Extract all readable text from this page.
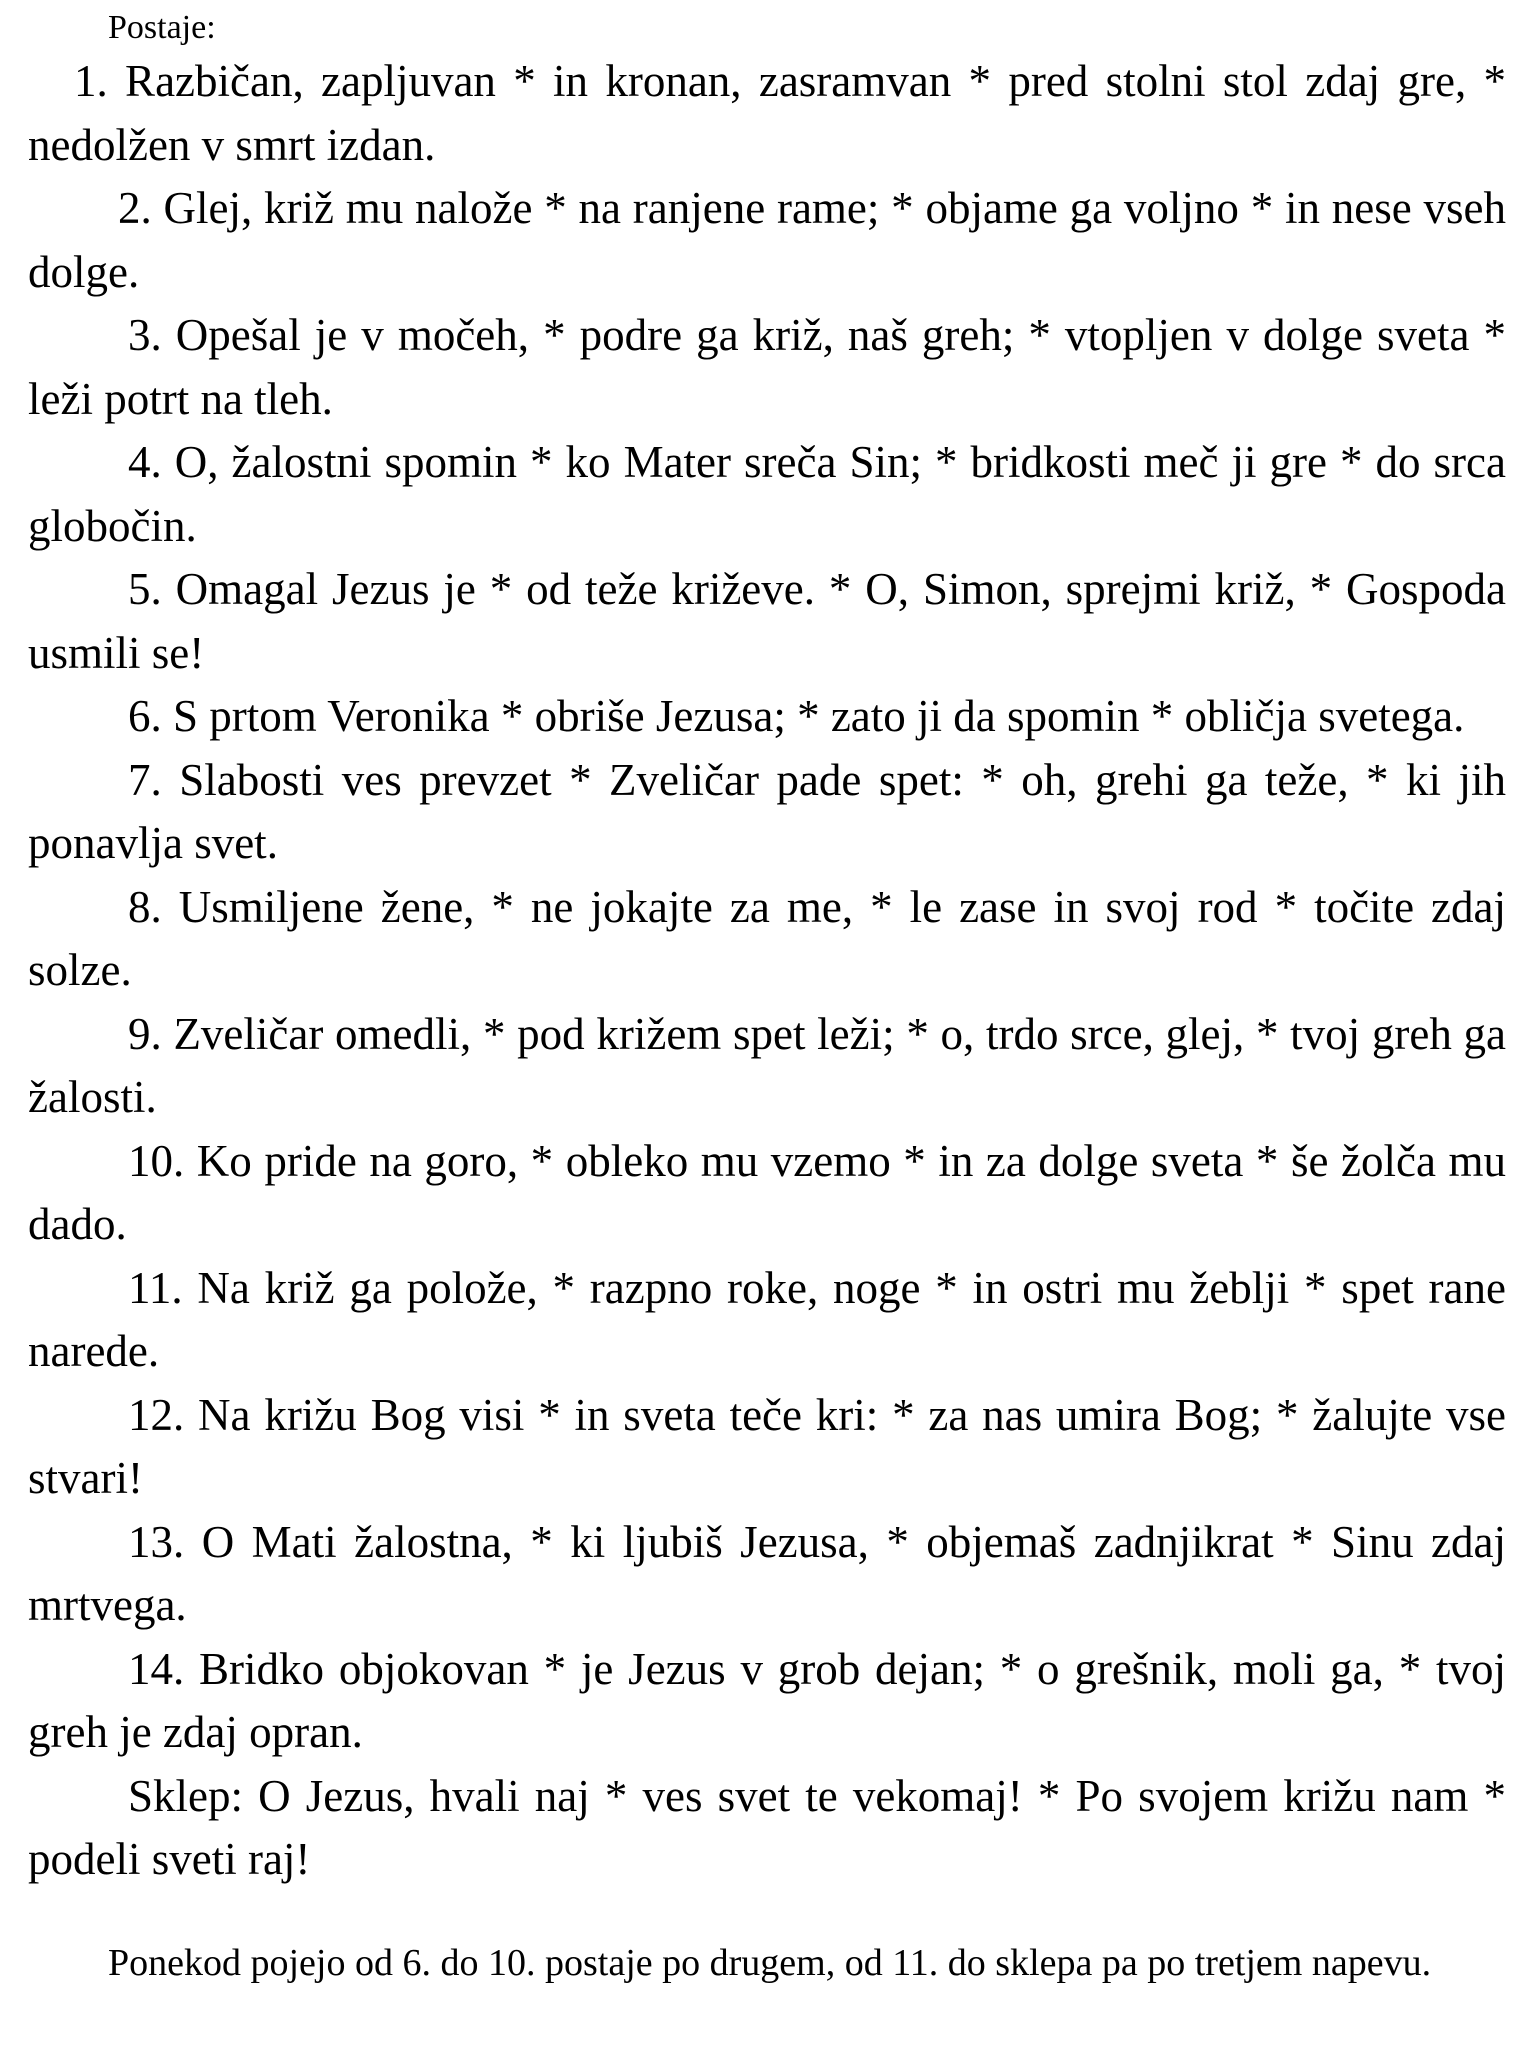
Postaje:

1. Razbičan, zapljuvan * in kronan, zasramvan * pred stolni stol zdaj gre, * nedolžen v smrt izdan.

2. Glej, križ mu nalože * na ranjene rame; * objame ga voljno * in nese vseh dolge.

3. Opešal je v močeh, * podre ga križ, naš greh; * vtopljen v dolge sveta * leži potrt na tleh.

4. O, žalostni spomin * ko Mater sreča Sin; * bridkosti meč ji gre * do srca globočin.

5. Omagal Jezus je * od teže križeve. * O, Simon, sprejmi križ, * Gospoda usmili se!

6. S prtom Veronika * obriše Jezusa; * zato ji da spomin * obličja svetega.

7. Slabosti ves prevzet * Zveličar pade spet: * oh, grehi ga teže, * ki jih ponavlja svet.

8. Usmiljene žene, * ne jokajte za me, * le zase in svoj rod * točite zdaj solze.

9. Zveličar omedli, * pod križem spet leži; * o, trdo srce, glej, * tvoj greh ga žalosti.

10. Ko pride na goro, * obleko mu vzemo * in za dolge sveta * še žolča mu dado.

11. Na križ ga polože, * razpno roke, noge * in ostri mu žeblji * spet rane narede.

12. Na križu Bog visi * in sveta teče kri: * za nas umira Bog; * žalujte vse stvari!

13. O Mati žalostna, * ki ljubiš Jezusa, * objemaš zadnjikrat * Sinu zdaj mrtvega.

14. Bridko objokovan * je Jezus v grob dejan; * o grešnik, moli ga, * tvoj greh je zdaj opran.

Sklep: O Jezus, hvali naj * ves svet te vekomaj! * Po svojem križu nam * podeli sveti raj!

Ponekod pojejo od 6. do 10. postaje po drugem, od 11. do sklepa pa po tretjem napevu.
